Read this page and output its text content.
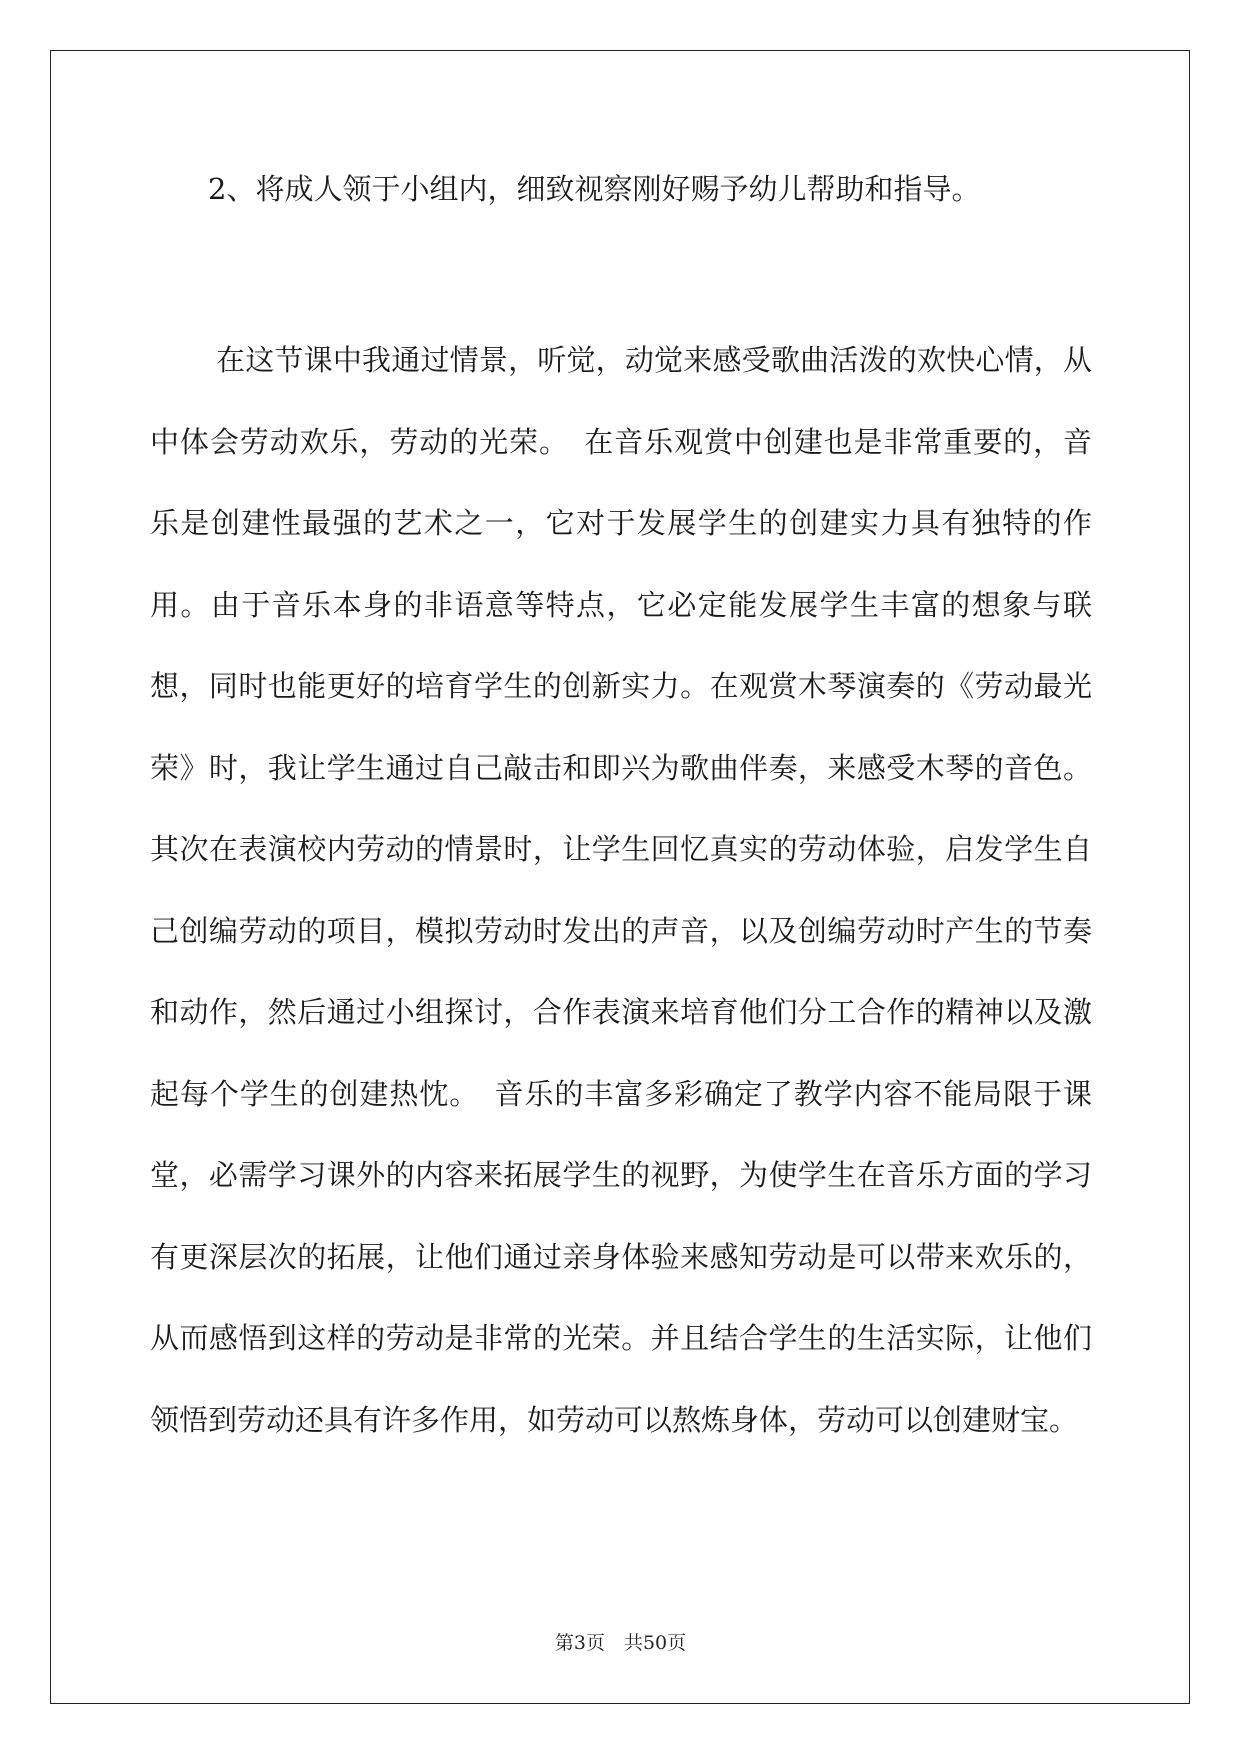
2、将成人领于小组内，细致视察刚好赐予幼儿帮助和指导。

在这节课中我通过情景，听觉，动觉来感受歌曲活泼的欢快心情，从中体会劳动欢乐，劳动的光荣。　在音乐观赏中创建也是非常重要的，音乐是创建性最强的艺术之一，它对于发展学生的创建实力具有独特的作用。由于音乐本身的非语意等特点，它必定能发展学生丰富的想象与联想，同时也能更好的培育学生的创新实力。在观赏木琴演奏的《劳动最光荣》时，我让学生通过自己敲击和即兴为歌曲伴奏，来感受木琴的音色。其次在表演校内劳动的情景时，让学生回忆真实的劳动体验，启发学生自己创编劳动的项目，模拟劳动时发出的声音，以及创编劳动时产生的节奏和动作，然后通过小组探讨，合作表演来培育他们分工合作的精神以及激起每个学生的创建热忱。　音乐的丰富多彩确定了教学内容不能局限于课堂，必需学习课外的内容来拓展学生的视野，为使学生在音乐方面的学习有更深层次的拓展，让他们通过亲身体验来感知劳动是可以带来欢乐的，从而感悟到这样的劳动是非常的光荣。并且结合学生的生活实际，让他们领悟到劳动还具有许多作用，如劳动可以熬炼身体，劳动可以创建财宝。

第3页　共50页
